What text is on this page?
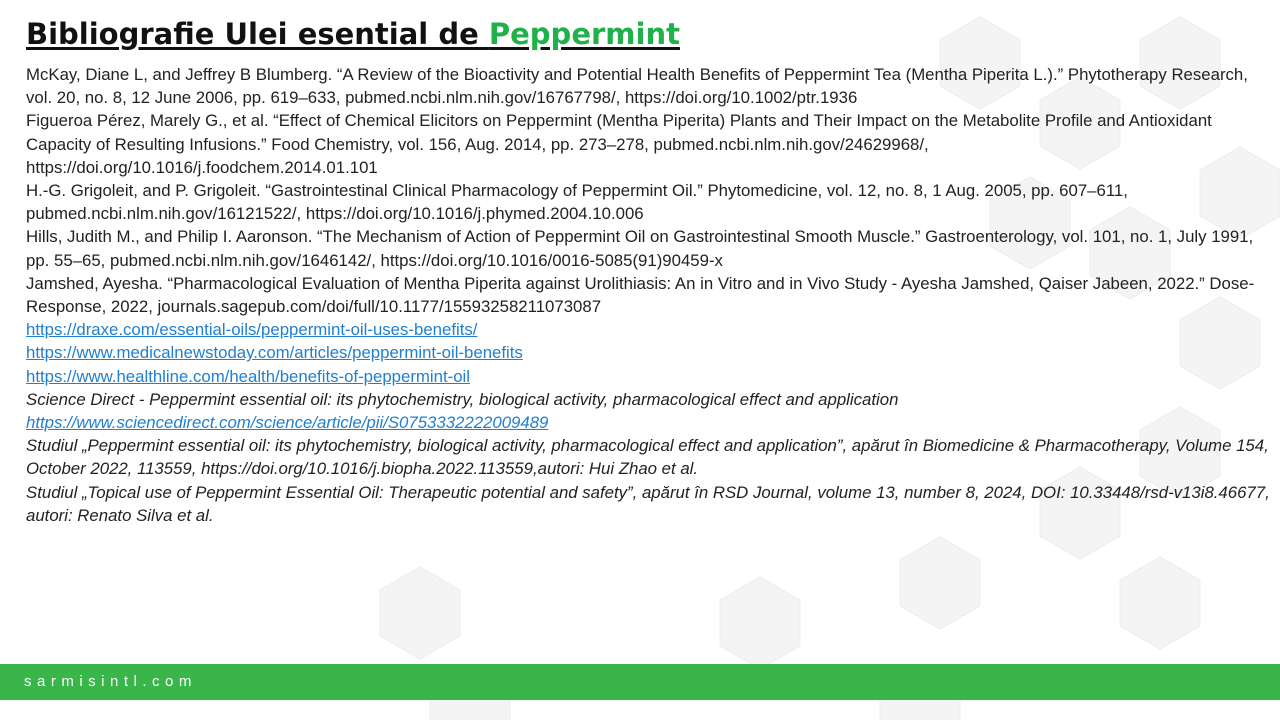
Bibliografie Ulei esential de Peppermint

McKay, Diane L, and Jeffrey B Blumberg. “A Review of the Bioactivity and Potential Health Benefits of Peppermint Tea (Mentha Piperita L.).” Phytotherapy Research, vol. 20, no. 8, 12 June 2006, pp. 619–633, pubmed.ncbi.nlm.nih.gov/16767798/, https://doi.org/10.1002/ptr.1936

Figueroa Pérez, Marely G., et al. “Effect of Chemical Elicitors on Peppermint (Mentha Piperita) Plants and Their Impact on the Metabolite Profile and Antioxidant Capacity of Resulting Infusions.” Food Chemistry, vol. 156, Aug. 2014, pp. 273–278, pubmed.ncbi.nlm.nih.gov/24629968/, https://doi.org/10.1016/j.foodchem.2014.01.101

H.-G. Grigoleit, and P. Grigoleit. “Gastrointestinal Clinical Pharmacology of Peppermint Oil.” Phytomedicine, vol. 12, no. 8, 1 Aug. 2005, pp. 607–611, pubmed.ncbi.nlm.nih.gov/16121522/, https://doi.org/10.1016/j.phymed.2004.10.006

Hills, Judith M., and Philip I. Aaronson. “The Mechanism of Action of Peppermint Oil on Gastrointestinal Smooth Muscle.” Gastroenterology, vol. 101, no. 1, July 1991, pp. 55–65, pubmed.ncbi.nlm.nih.gov/1646142/, https://doi.org/10.1016/0016-5085(91)90459-x

Jamshed, Ayesha. “Pharmacological Evaluation of Mentha Piperita against Urolithiasis: An in Vitro and in Vivo Study - Ayesha Jamshed, Qaiser Jabeen, 2022.” Dose-Response, 2022, journals.sagepub.com/doi/full/10.1177/15593258211073087

https://draxe.com/essential-oils/peppermint-oil-uses-benefits/

https://www.medicalnewstoday.com/articles/peppermint-oil-benefits

https://www.healthline.com/health/benefits-of-peppermint-oil

Science Direct - Peppermint essential oil: its phytochemistry, biological activity, pharmacological effect and application

https://www.sciencedirect.com/science/article/pii/S0753332222009489

Studiul „Peppermint essential oil: its phytochemistry, biological activity, pharmacological effect and application”, apărut în Biomedicine & Pharmacotherapy, Volume 154, October 2022, 113559, https://doi.org/10.1016/j.biopha.2022.113559,autori: Hui Zhao et al.

Studiul „Topical use of Peppermint Essential Oil: Therapeutic potential and safety”, apărut în RSD Journal, volume 13, number 8, 2024, DOI: 10.33448/rsd-v13i8.46677, autori: Renato Silva et al.

sarmisintl.com
